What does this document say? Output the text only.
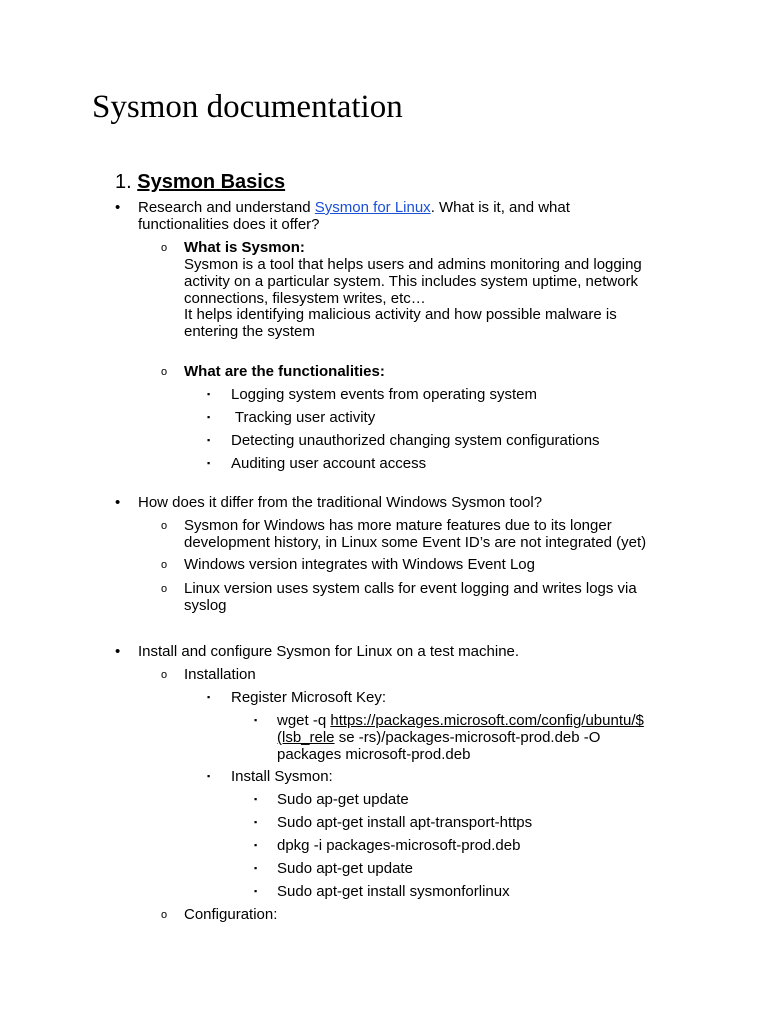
Sysmon documentation
1. Sysmon Basics
• Research and understand Sysmon for Linux. What is it, and what
functionalities does it offer?
o What is Sysmon:
Sysmon is a tool that helps users and admins monitoring and logging
activity on a particular system. This includes system uptime, network
connections, filesystem writes, etc…
It helps identifying malicious activity and how possible malware is
entering the system
o What are the functionalities:
▪ Logging system events from operating system
▪ Tracking user activity
▪ Detecting unauthorized changing system configurations
▪ Auditing user account access
• How does it differ from the traditional Windows Sysmon tool?
o Sysmon for Windows has more mature features due to its longer
development history, in Linux some Event ID’s are not integrated (yet)
o Windows version integrates with Windows Event Log
o Linux version uses system calls for event logging and writes logs via
syslog
• Install and configure Sysmon for Linux on a test machine.
o Installation
▪ Register Microsoft Key:
▪ wget -q https://packages.microsoft.com/config/ubuntu/$
(lsb_rele se -rs)/packages-microsoft-prod.deb -O
packages microsoft-prod.deb
▪ Install Sysmon:
▪ Sudo ap-get update
▪ Sudo apt-get install apt-transport-https
▪ dpkg -i packages-microsoft-prod.deb
▪ Sudo apt-get update
▪ Sudo apt-get install sysmonforlinux
o Configuration:
